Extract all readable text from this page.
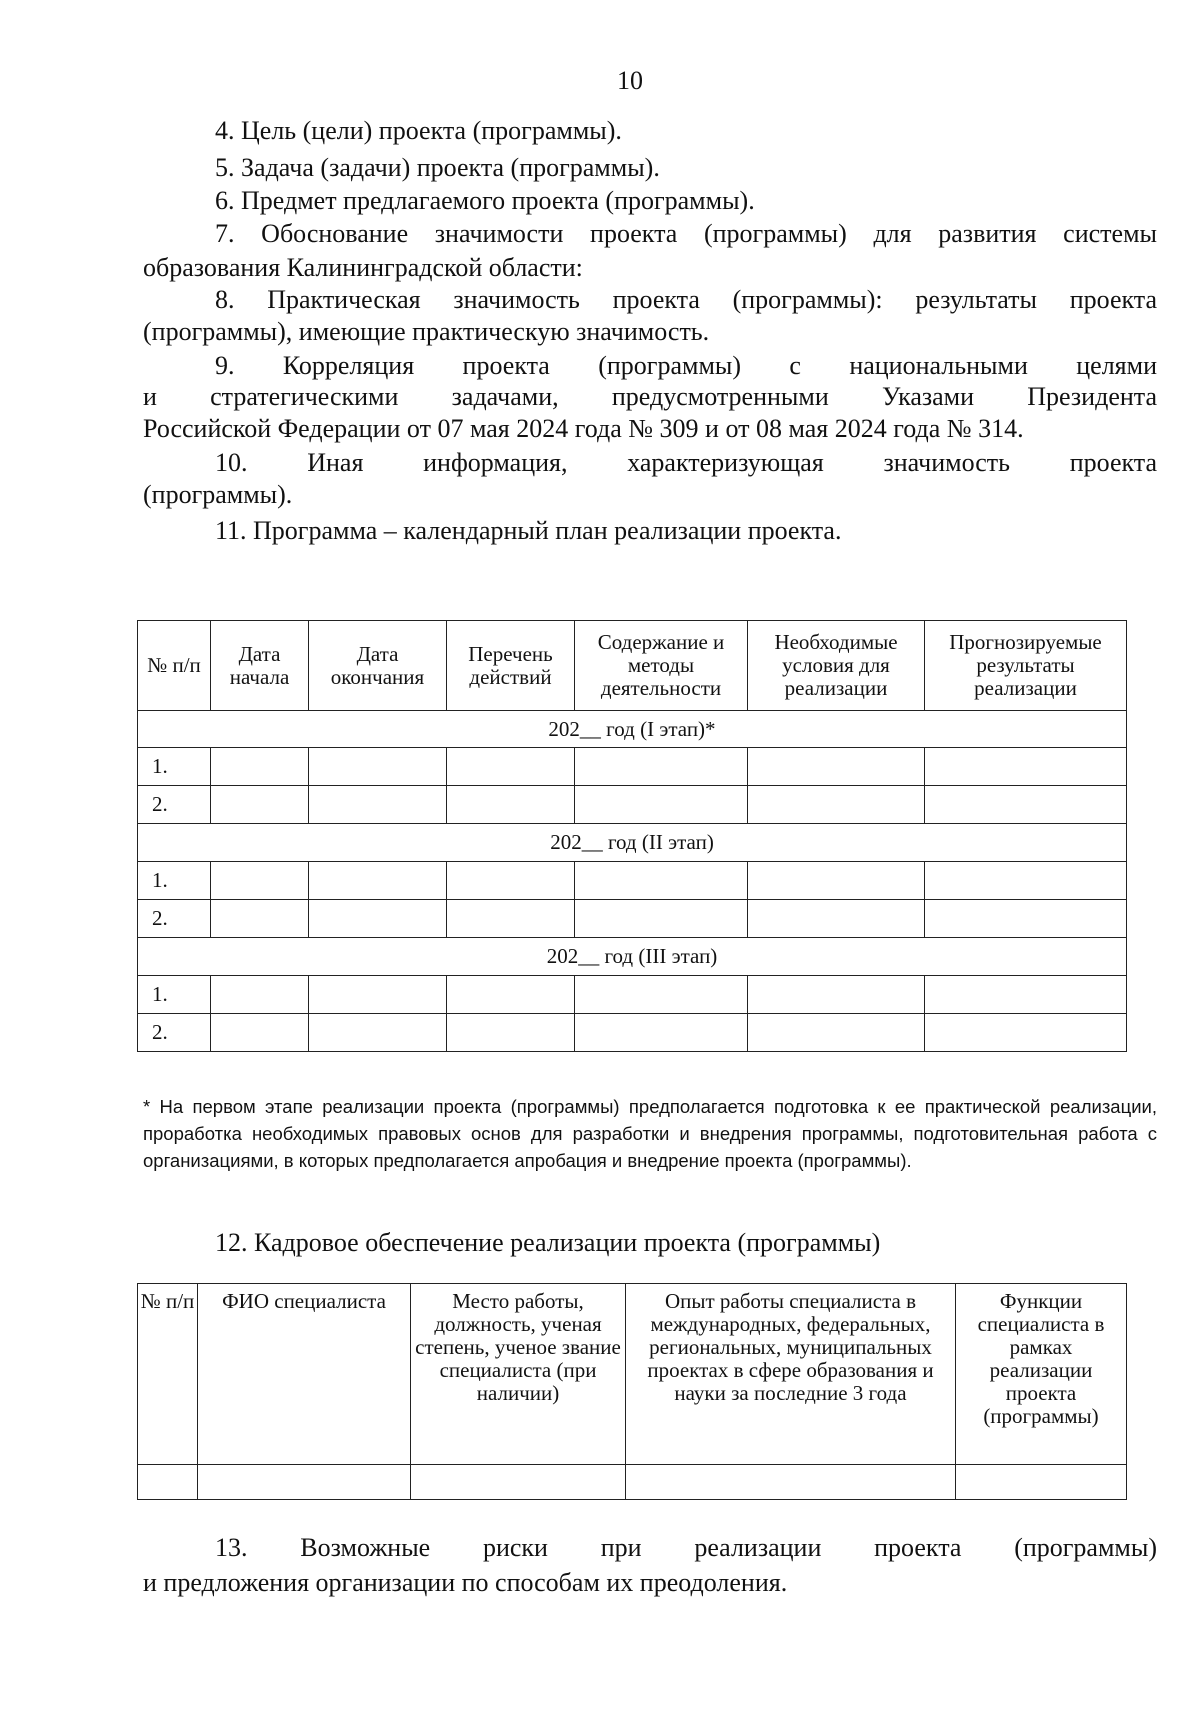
10
4. Цель (цели) проекта (программы).
5. Задача (задачи) проекта (программы).
6. Предмет предлагаемого проекта (программы).
7. Обоснование значимости проекта (программы) для развития системы
образования Калининградской области:
8. Практическая значимость проекта (программы): результаты проекта
(программы), имеющие практическую значимость.
9. Корреляция проекта (программы) с национальными целями
и стратегическими задачами, предусмотренными Указами Президента
Российской Федерации от 07 мая 2024 года № 309 и от 08 мая 2024 года № 314.
10. Иная информация, характеризующая значимость проекта
(программы).
11. Программа – календарный план реализации проекта.
№ п/п	Дата начала	Дата окончания	Перечень действий	Содержание и методы деятельности	Необходимые условия для реализации	Прогнозируемые результаты реализации
202__ год (I этап)*						
1.						
2.						
202__ год (II этап)						
1.						
2.						
202__ год (III этап)						
1.						
2.						
* На первом этапе реализации проекта (программы) предполагается подготовка к ее практической реализации, проработка необходимых правовых основ для разработки и внедрения программы, подготовительная работа с организациями, в которых предполагается апробация и внедрение проекта (программы).
12. Кадровое обеспечение реализации проекта (программы)
№ п/п	ФИО специалиста	Место работы, должность, ученая степень, ученое звание специалиста (при наличии)	Опыт работы специалиста в международных, федеральных, региональных, муниципальных проектах в сфере образования и науки за последние 3 года	Функции специалиста в рамках реализации проекта (программы)

13. Возможные риски при реализации проекта (программы)
и предложения организации по способам их преодоления.
